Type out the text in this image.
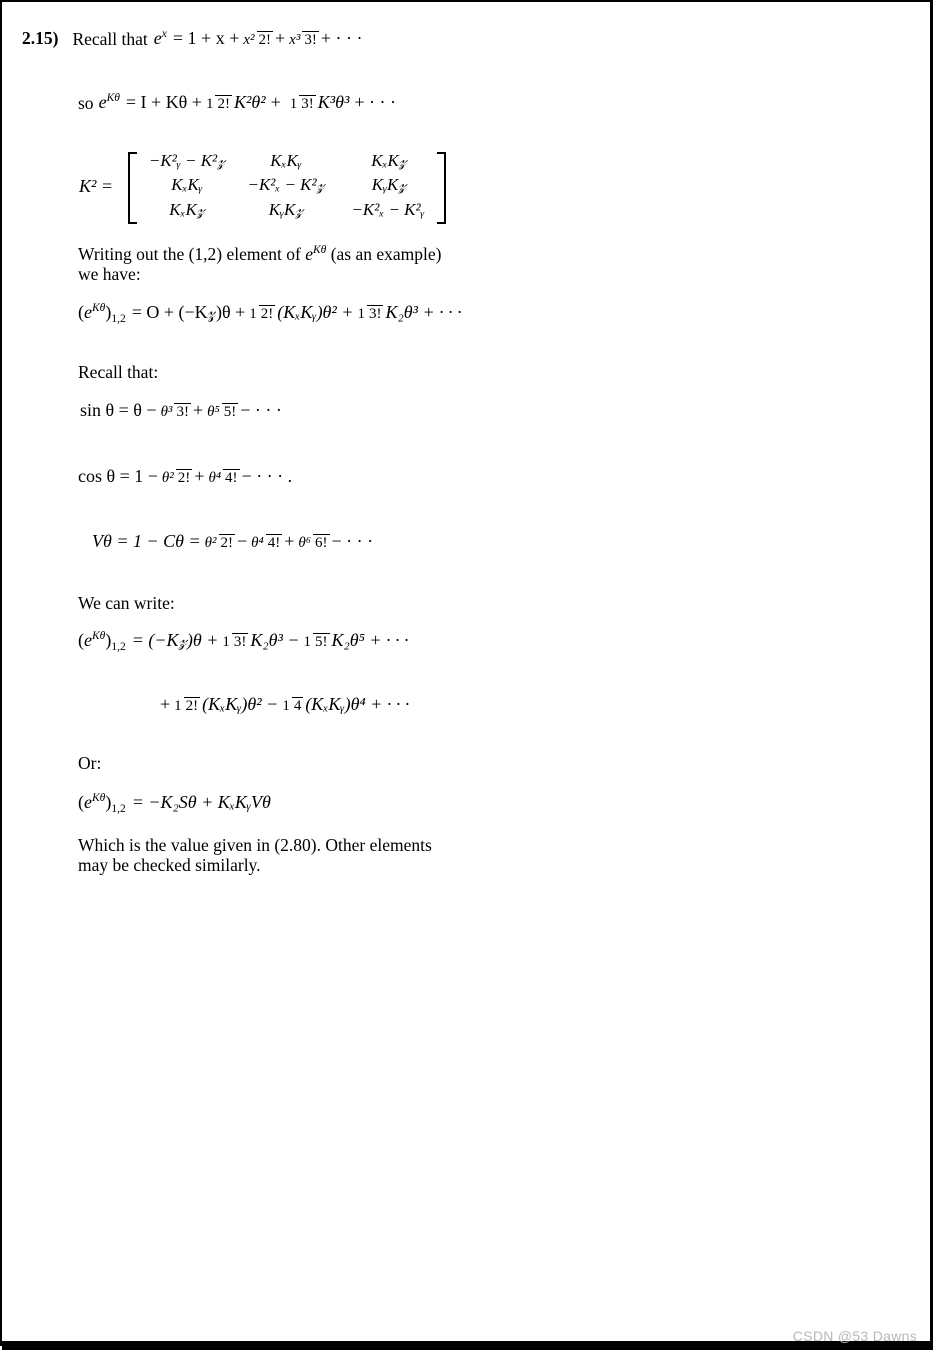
2.15) Recall that $e^x = 1 + x + x^2$ 2! + x³ 3! + · · ·
so $e^{K\theta} = I + K\theta + 1$ 2! K²θ² + 1 3! K³θ³ + · · ·
K² =
−K²ᵧ − K²𝓏	KₓKᵧ	KₓK𝓏
KₓKᵧ	−K²ₓ − K²𝓏	KᵧK𝓏
KₓK𝓏	KᵧK𝓏	−K²ₓ − K²ᵧ
Writing out the (1,2) element of $e^{K\theta}$ (as an example)
we have:
$(e^{K\theta})_{1,2} = O$ + (−K𝓏)θ + 1 2! (KₓKᵧ)θ² + 1 3! K₂θ³ + · · ·
Recall that:
sin θ = θ − θ³ 3! + θ⁵ 5! − · · ·
cos θ = 1 − θ² 2! + θ⁴ 4! − · · · .
Vθ = 1 − Cθ = θ² 2! − θ⁴ 4! + θ⁶ 6! − · · ·
We can write:
$(e^{K\theta})_{1,2}$ = (−K𝓏)θ + 1 3! K₂θ³ − 1 5! K₂θ⁵ + · · ·
+ 1 2! (KₓKᵧ)θ² − 1 4 (KₓKᵧ)θ⁴ + · · ·
Or:
$(e^{K\theta})_{1,2} = -K_2S\theta$ + KₓKᵧVθ
Which is the value given in (2.80). Other elements
may be checked similarly.
CSDN @53 Dawns
